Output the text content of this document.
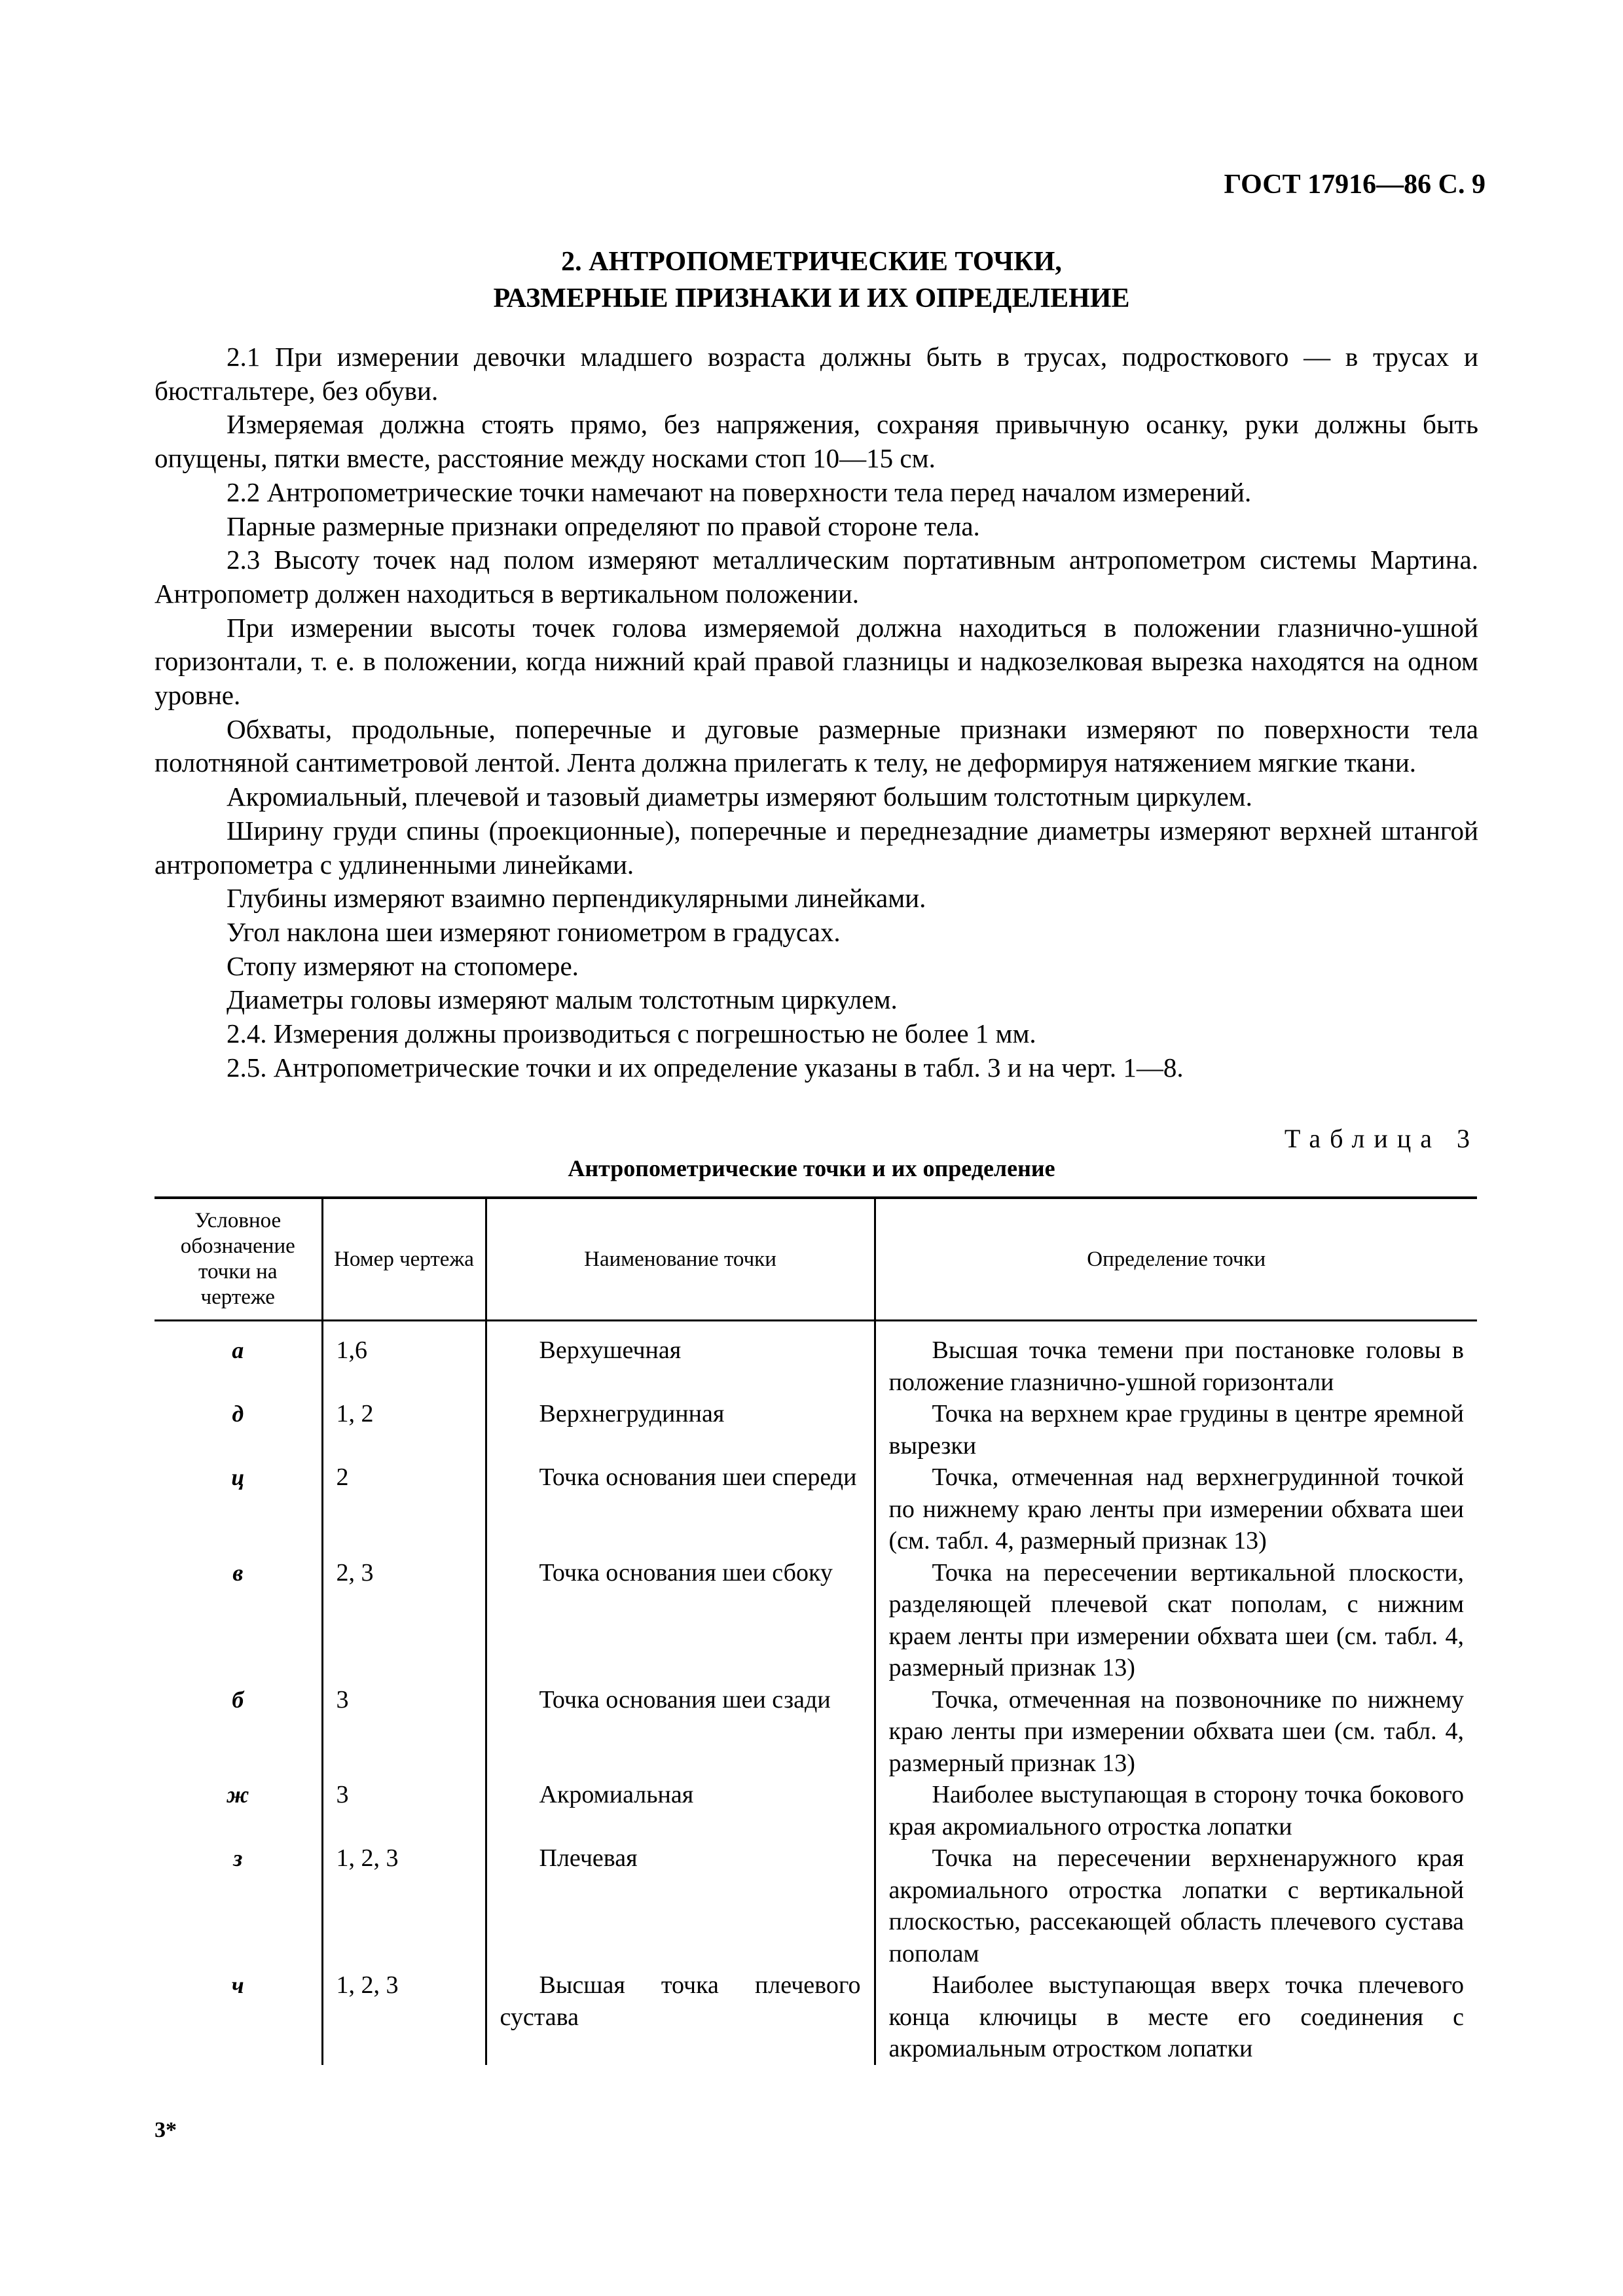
ГОСТ 17916—86 С. 9
2. АНТРОПОМЕТРИЧЕСКИЕ ТОЧКИ,
РАЗМЕРНЫЕ ПРИЗНАКИ И ИХ ОПРЕДЕЛЕНИЕ

2.1 При измерении девочки младшего возраста должны быть в трусах, подросткового — в трусах и бюстгальтере, без обуви.

Измеряемая должна стоять прямо, без напряжения, сохраняя привычную осанку, руки должны быть опущены, пятки вместе, расстояние между носками стоп 10—15 см.

2.2 Антропометрические точки намечают на поверхности тела перед началом измерений.

Парные размерные признаки определяют по правой стороне тела.

2.3 Высоту точек над полом измеряют металлическим портативным антропометром системы Мартина. Антропометр должен находиться в вертикальном положении.

При измерении высоты точек голова измеряемой должна находиться в положении глазнично-ушной горизонтали, т. е. в положении, когда нижний край правой глазницы и надкозелковая вырезка находятся на одном уровне.

Обхваты, продольные, поперечные и дуговые размерные признаки измеряют по поверхности тела полотняной сантиметровой лентой. Лента должна прилегать к телу, не деформируя натяжением мягкие ткани.

Акромиальный, плечевой и тазовый диаметры измеряют большим толстотным циркулем.

Ширину груди спины (проекционные), поперечные и переднезадние диаметры измеряют верхней штангой антропометра с удлиненными линейками.

Глубины измеряют взаимно перпендикулярными линейками.

Угол наклона шеи измеряют гониометром в градусах.

Стопу измеряют на стопомере.

Диаметры головы измеряют малым толстотным циркулем.

2.4. Измерения должны производиться с погрешностью не более 1 мм.

2.5. Антропометрические точки и их определение указаны в табл. 3 и на черт. 1—8.

Таблица 3
Антропометрические точки и их определение
Условное обозначение точки на чертеже	Номер чертежа	Наименование точки	Определение точки
а	1,6	Верхушечная	Высшая точка темени при постановке головы в положение глазнично-ушной горизонтали
д	1, 2	Верхнегрудинная	Точка на верхнем крае грудины в центре яремной вырезки
ц	2	Точка основания шеи спереди	Точка, отмеченная над верхнегрудинной точкой по нижнему краю ленты при измерении обхвата шеи (см. табл. 4, размерный признак 13)
в	2, 3	Точка основания шеи сбоку	Точка на пересечении вертикальной плоскости, разделяющей плечевой скат пополам, с нижним краем ленты при измерении обхвата шеи (см. табл. 4, размерный признак 13)
б	3	Точка основания шеи сзади	Точка, отмеченная на позвоночнике по нижнему краю ленты при измерении обхвата шеи (см. табл. 4, размерный признак 13)
ж	3	Акромиальная	Наиболее выступающая в сторону точка бокового края акромиального отростка лопатки
з	1, 2, 3	Плечевая	Точка на пересечении верхненаружного края акромиального отростка лопатки с вертикальной плоскостью, рассекающей область плечевого сустава пополам
ч	1, 2, 3	Высшая точка плечевого сустава	Наиболее выступающая вверх точка плечевого конца ключицы в месте его соединения с акромиальным отростком лопатки
3*
